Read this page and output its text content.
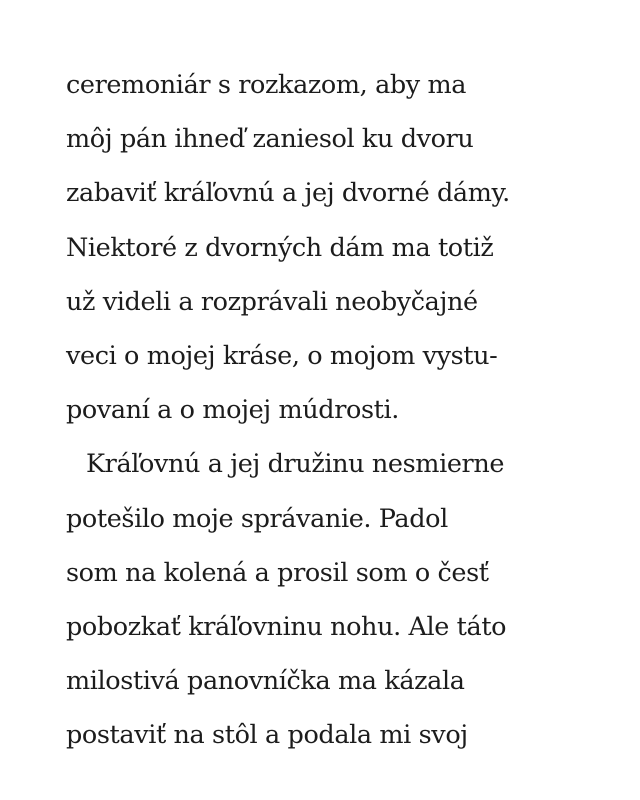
ceremoniár s rozkazom, aby ma
môj pán ihneď zaniesol ku dvoru
zabaviť kráľovnú a jej dvorné dámy.
Niektoré z dvorných dám ma totiž
už videli a rozprávali neobyčajné
veci o mojej kráse, o mojom vystu-
povaní a o mojej múdrosti.
Kráľovnú a jej družinu nesmierne
potešilo moje správanie. Padol
som na kolená a prosil som o česť
pobozkať kráľovninu nohu. Ale táto
milostivá panovníčka ma kázala
postaviť na stôl a podala mi svoj
